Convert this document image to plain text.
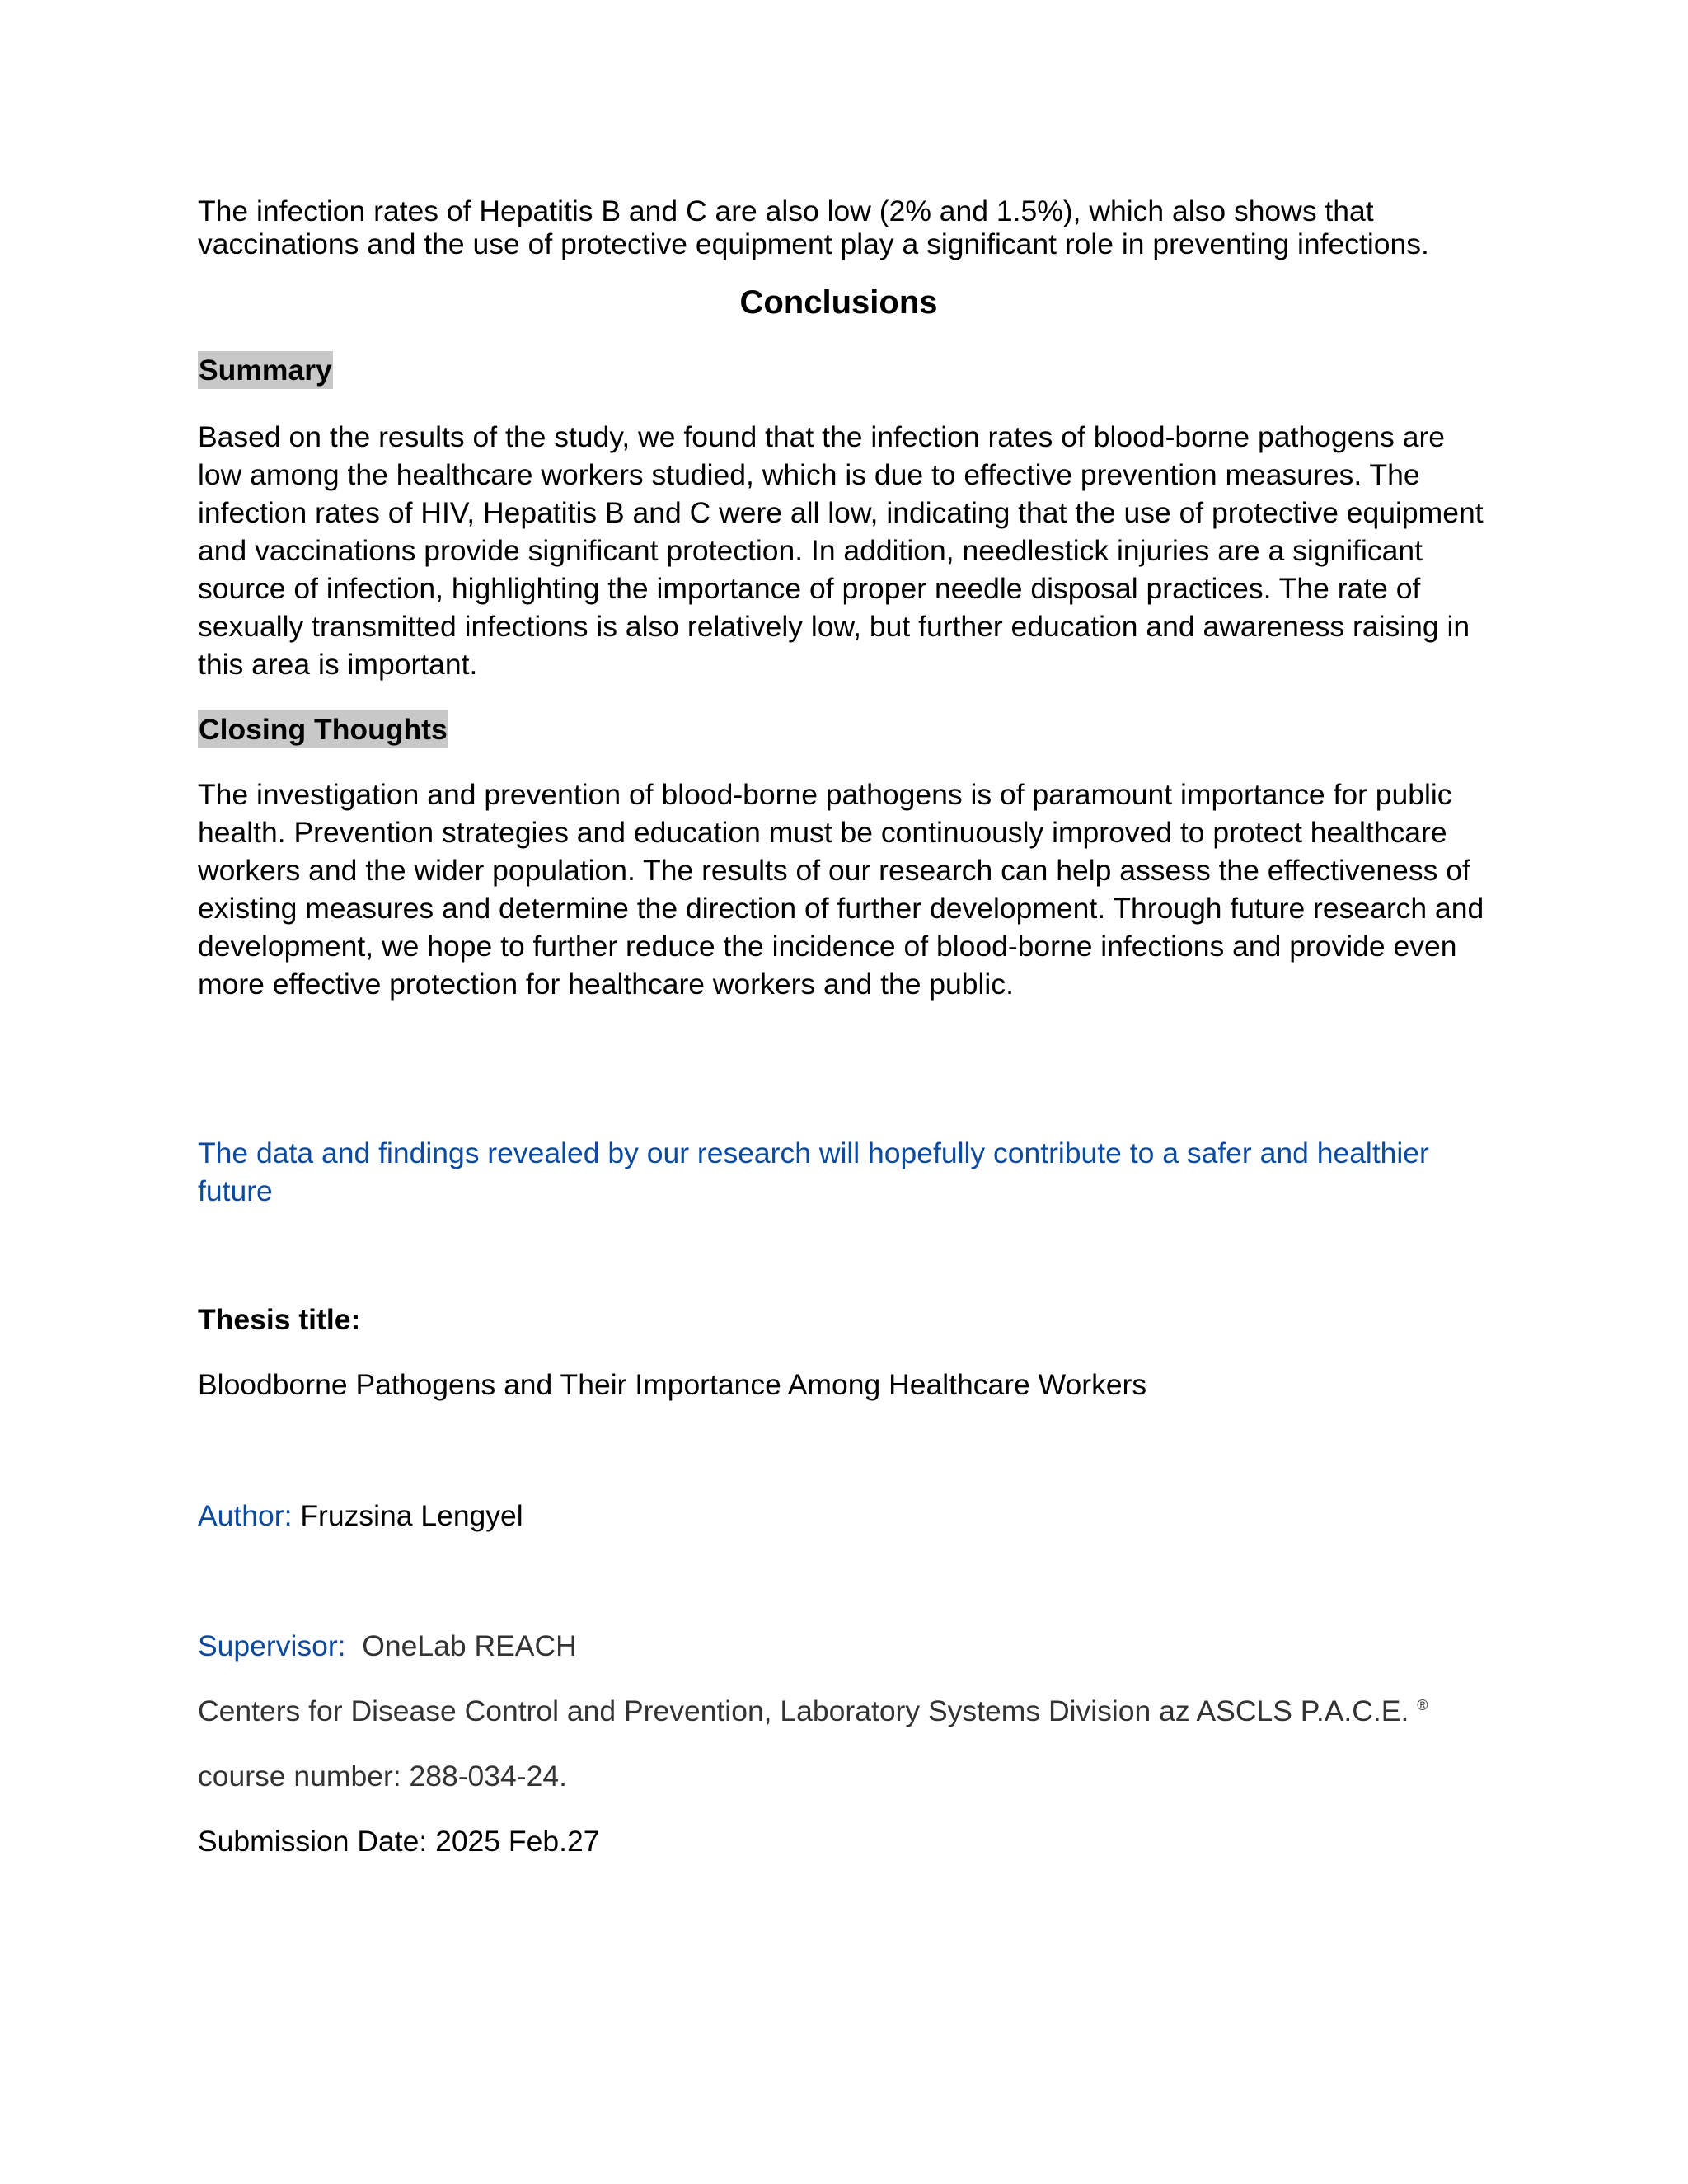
The infection rates of Hepatitis B and C are also low (2% and 1.5%), which also shows that vaccinations and the use of protective equipment play a significant role in preventing infections.

Conclusions
Summary

Based on the results of the study, we found that the infection rates of blood-borne pathogens are low among the healthcare workers studied, which is due to effective prevention measures. The infection rates of HIV, Hepatitis B and C were all low, indicating that the use of protective equipment and vaccinations provide significant protection. In addition, needlestick injuries are a significant source of infection, highlighting the importance of proper needle disposal practices. The rate of sexually transmitted infections is also relatively low, but further education and awareness raising in this area is important.

Closing Thoughts

The investigation and prevention of blood-borne pathogens is of paramount importance for public health. Prevention strategies and education must be continuously improved to protect healthcare workers and the wider population. The results of our research can help assess the effectiveness of existing measures and determine the direction of further development. Through future research and development, we hope to further reduce the incidence of blood-borne infections and provide even more effective protection for healthcare workers and the public.

The data and findings revealed by our research will hopefully contribute to a safer and healthier future

Thesis title:

Bloodborne Pathogens and Their Importance Among Healthcare Workers

Author: Fruzsina Lengyel

Supervisor: OneLab REACH

Centers for Disease Control and Prevention, Laboratory Systems Division az ASCLS P.A.C.E. ®

course number: 288-034-24.

Submission Date: 2025 Feb.27
